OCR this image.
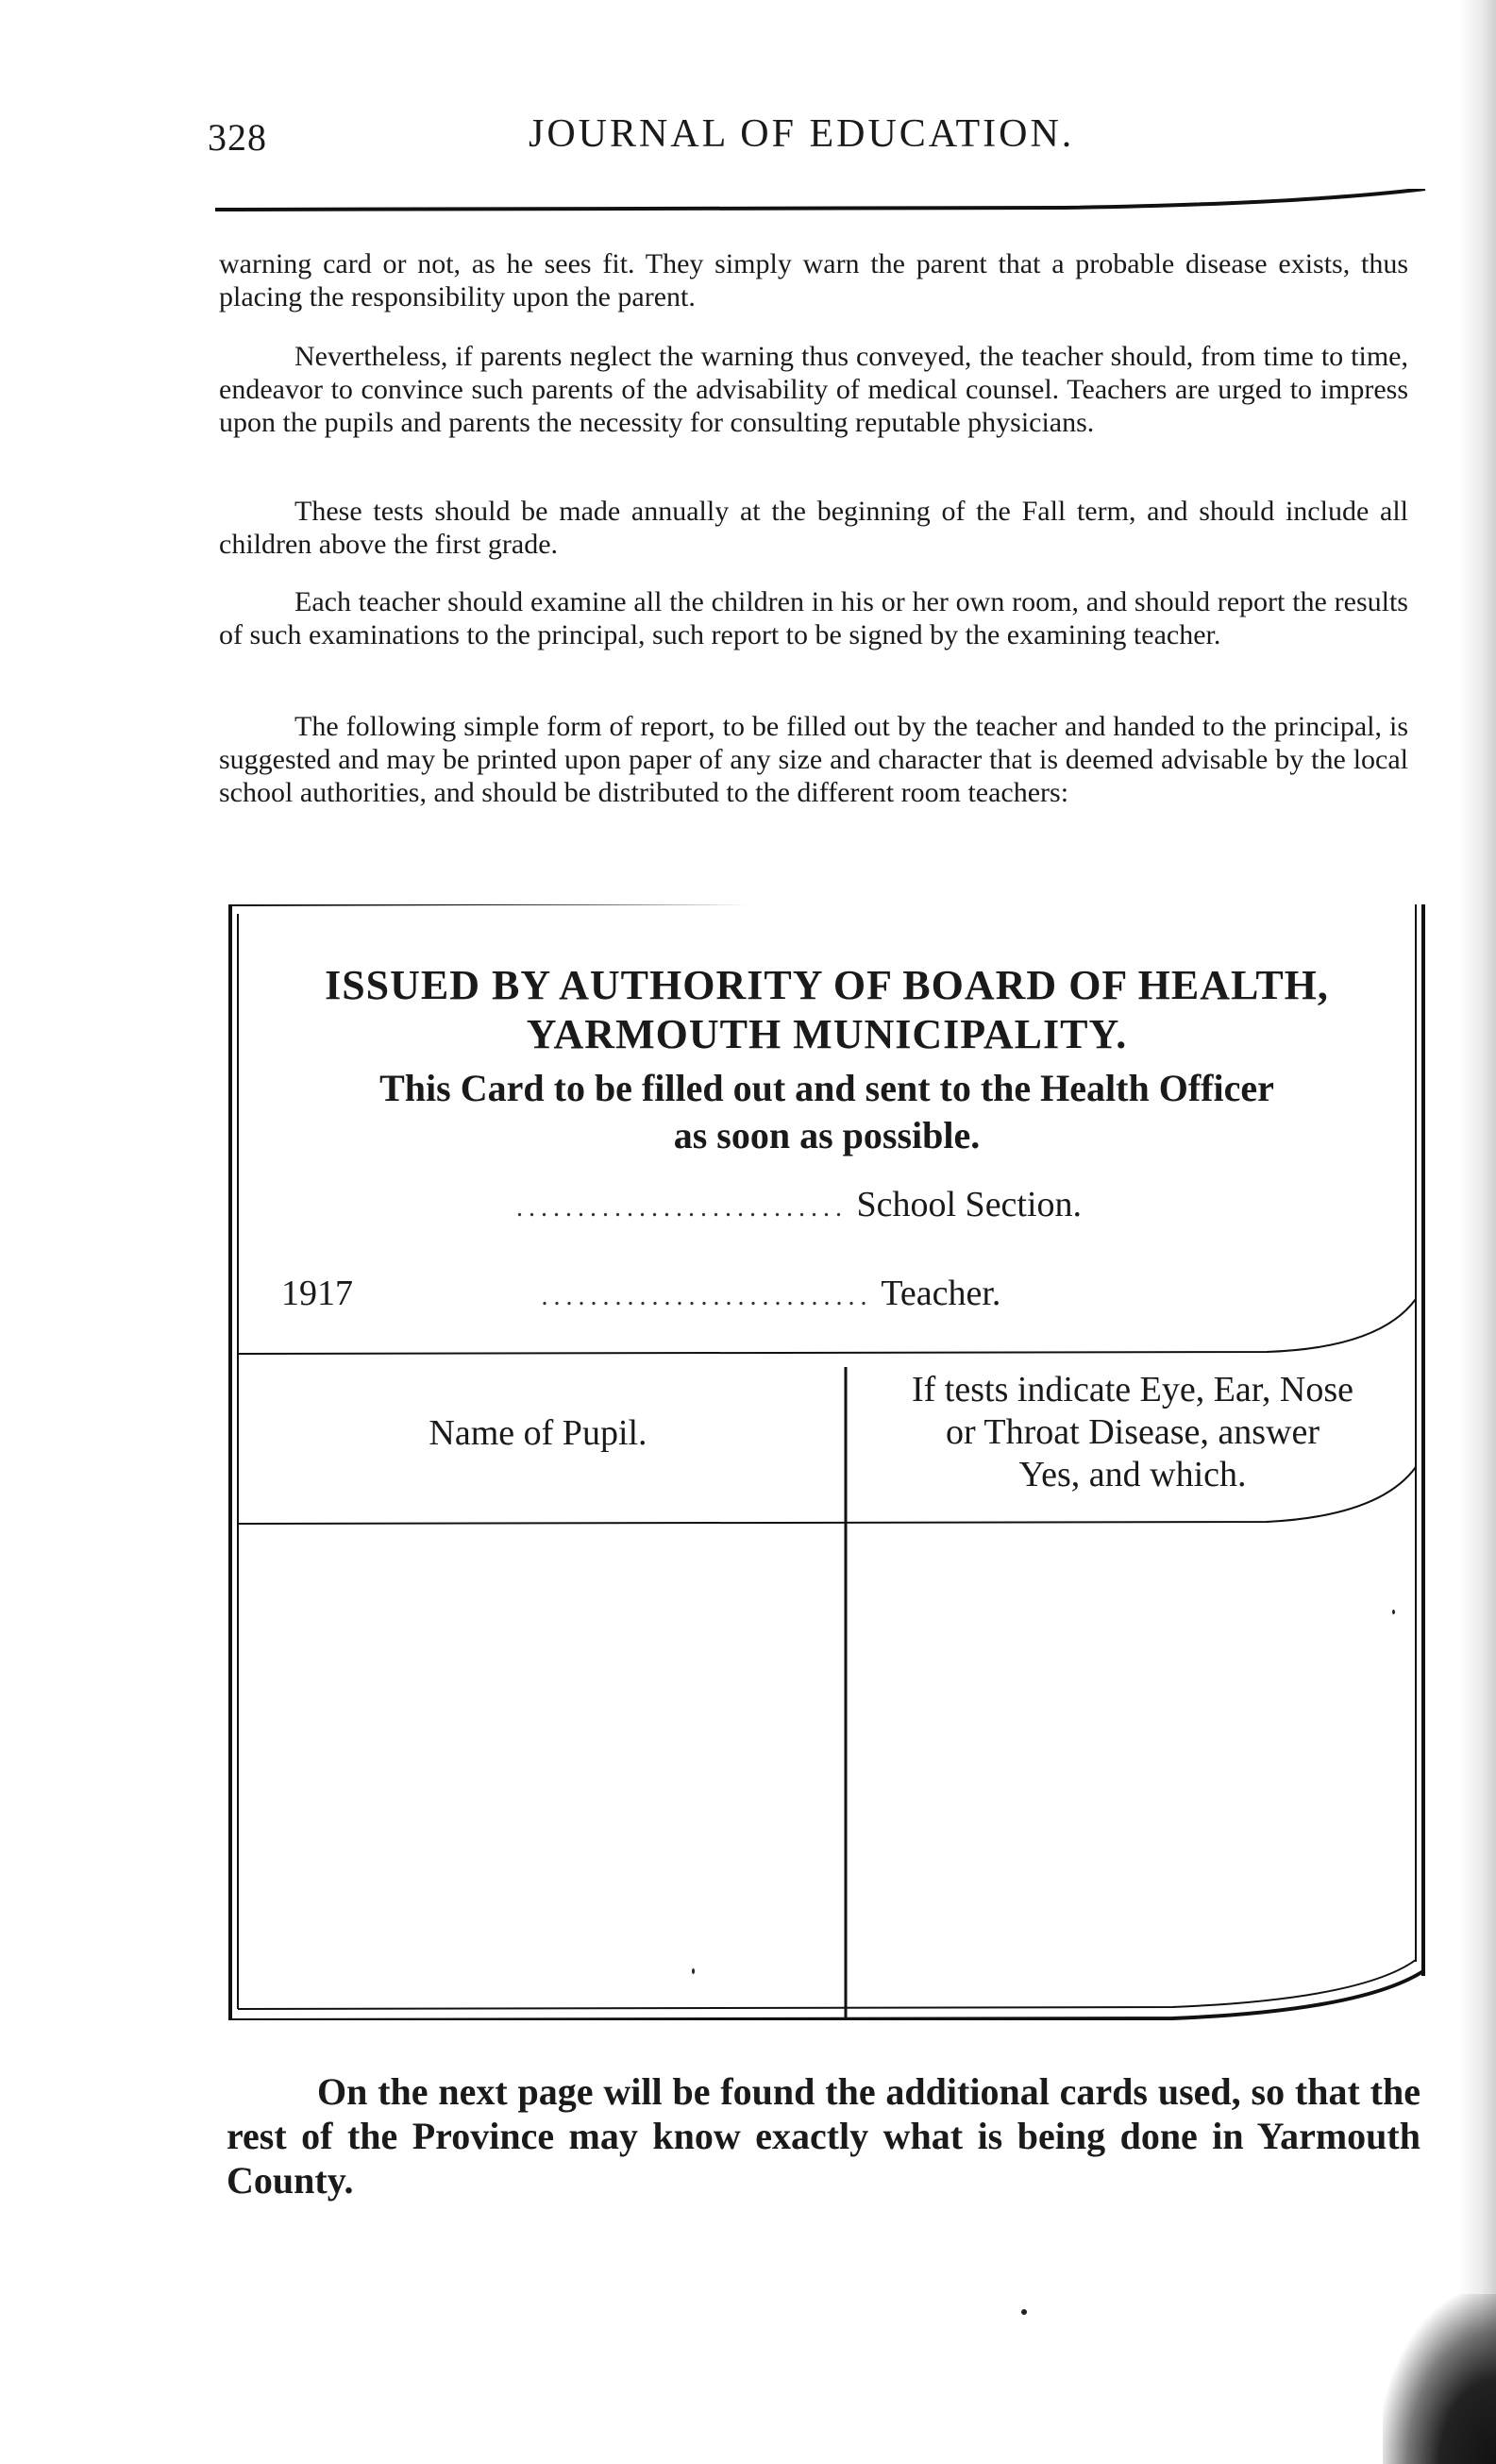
328	JOURNAL OF EDUCATION.

warning card or not, as he sees fit. They simply warn the parent that a probable disease exists, thus placing the responsibility upon the parent.

Nevertheless, if parents neglect the warning thus conveyed, the teacher should, from time to time, endeavor to convince such parents of the advisability of medical counsel. Teachers are urged to impress upon the pupils and parents the necessity for consulting reputable physicians.

These tests should be made annually at the beginning of the Fall term, and should include all children above the first grade.

Each teacher should examine all the children in his or her own room, and should report the results of such examinations to the principal, such report to be signed by the examining teacher.

The following simple form of report, to be filled out by the teacher and handed to the principal, is suggested and may be printed upon paper of any size and character that is deemed advisable by the local school authorities, and should be distributed to the different room teachers:

ISSUED BY AUTHORITY OF BOARD OF HEALTH,
YARMOUTH MUNICIPALITY.
This Card to be filled out and sent to the Health Officer
as soon as possible.
........................... School Section.
1917	........................... Teacher.
Name of Pupil.
If tests indicate Eye, Ear, Nose
or Throat Disease, answer
Yes, and which.

On the next page will be found the additional cards used, so that the rest of the Province may know exactly what is being done in Yarmouth County.
